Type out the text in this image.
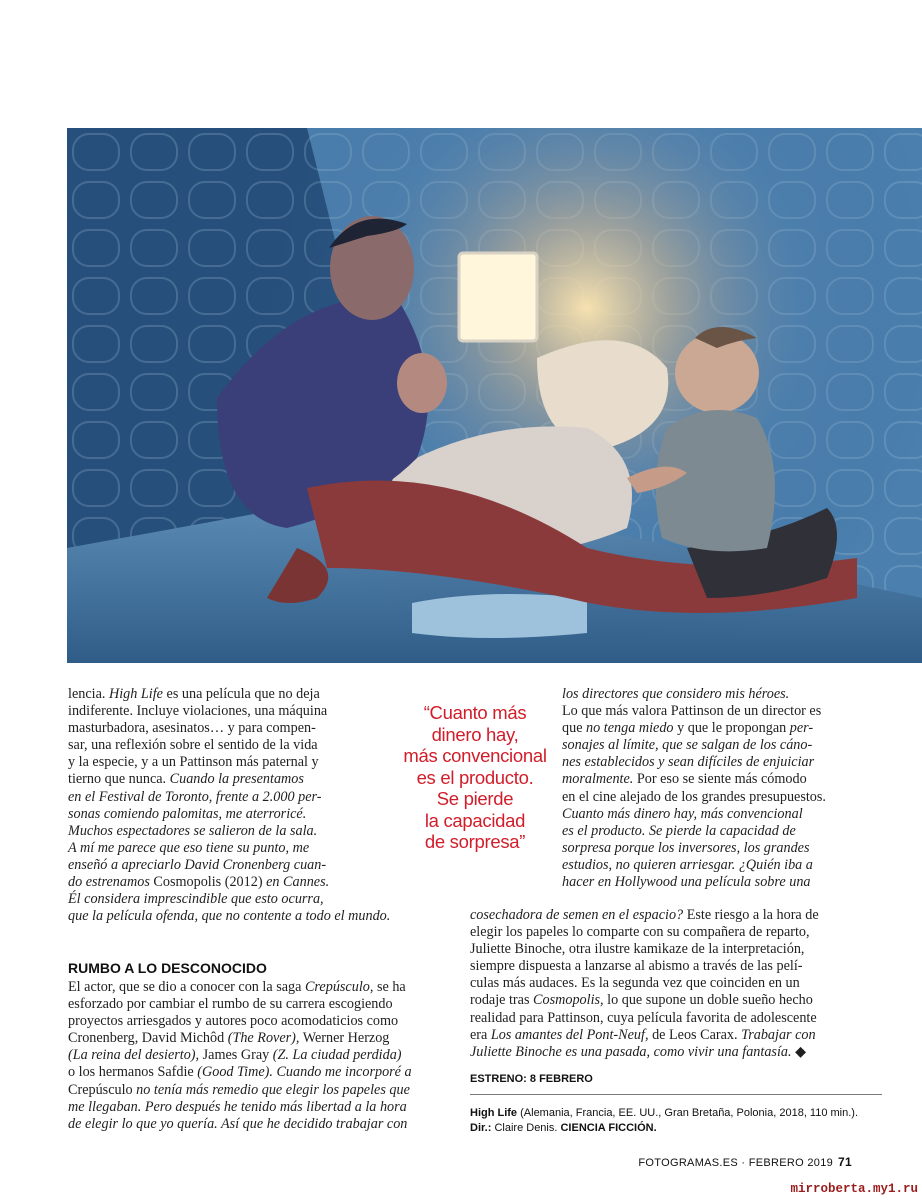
lencia. High Life es una película que no deja
indiferente. Incluye violaciones, una máquina
masturbadora, asesinatos… y para compen-
sar, una reflexión sobre el sentido de la vida
y la especie, y a un Pattinson más paternal y
tierno que nunca. Cuando la presentamos
en el Festival de Toronto, frente a 2.000 per-
sonas comiendo palomitas, me aterroricé.
Muchos espectadores se salieron de la sala.
A mí me parece que eso tiene su punto, me
enseñó a apreciarlo David Cronenberg cuan-
do estrenamos Cosmopolis (2012) en Cannes.
Él considera imprescindible que esto ocurra,
que la película ofenda, que no contente a todo el mundo.
“Cuanto más
dinero hay,
más convencional
es el producto.
Se pierde
la capacidad
de sorpresa”
los directores que considero mis héroes.
Lo que más valora Pattinson de un director es
que no tenga miedo y que le propongan per-
sonajes al límite, que se salgan de los cáno-
nes establecidos y sean difíciles de enjuiciar
moralmente. Por eso se siente más cómodo
en el cine alejado de los grandes presupuestos.
Cuanto más dinero hay, más convencional
es el producto. Se pierde la capacidad de
sorpresa porque los inversores, los grandes
estudios, no quieren arriesgar. ¿Quién iba a
hacer en Hollywood una película sobre una
RUMBO A LO DESCONOCIDO
El actor, que se dio a conocer con la saga Crepúsculo, se ha
esforzado por cambiar el rumbo de su carrera escogiendo
proyectos arriesgados y autores poco acomodaticios como
Cronenberg, David Michôd (The Rover), Werner Herzog
(La reina del desierto), James Gray (Z. La ciudad perdida)
o los hermanos Safdie (Good Time). Cuando me incorporé a
Crepúsculo no tenía más remedio que elegir los papeles que
me llegaban. Pero después he tenido más libertad a la hora
de elegir lo que yo quería. Así que he decidido trabajar con
cosechadora de semen en el espacio? Este riesgo a la hora de
elegir los papeles lo comparte con su compañera de reparto,
Juliette Binoche, otra ilustre kamikaze de la interpretación,
siempre dispuesta a lanzarse al abismo a través de las pelí-
culas más audaces. Es la segunda vez que coinciden en un
rodaje tras Cosmopolis, lo que supone un doble sueño hecho
realidad para Pattinson, cuya película favorita de adolescente
era Los amantes del Pont-Neuf, de Leos Carax. Trabajar con
Juliette Binoche es una pasada, como vivir una fantasía. ◆
ESTRENO: 8 FEBRERO
High Life (Alemania, Francia, EE. UU., Gran Bretaña, Polonia, 2018, 110 min.).
Dir.: Claire Denis. CIENCIA FICCIÓN.
FOTOGRAMAS.ES · FEBRERO 2019 71
mirroberta.my1.ru
